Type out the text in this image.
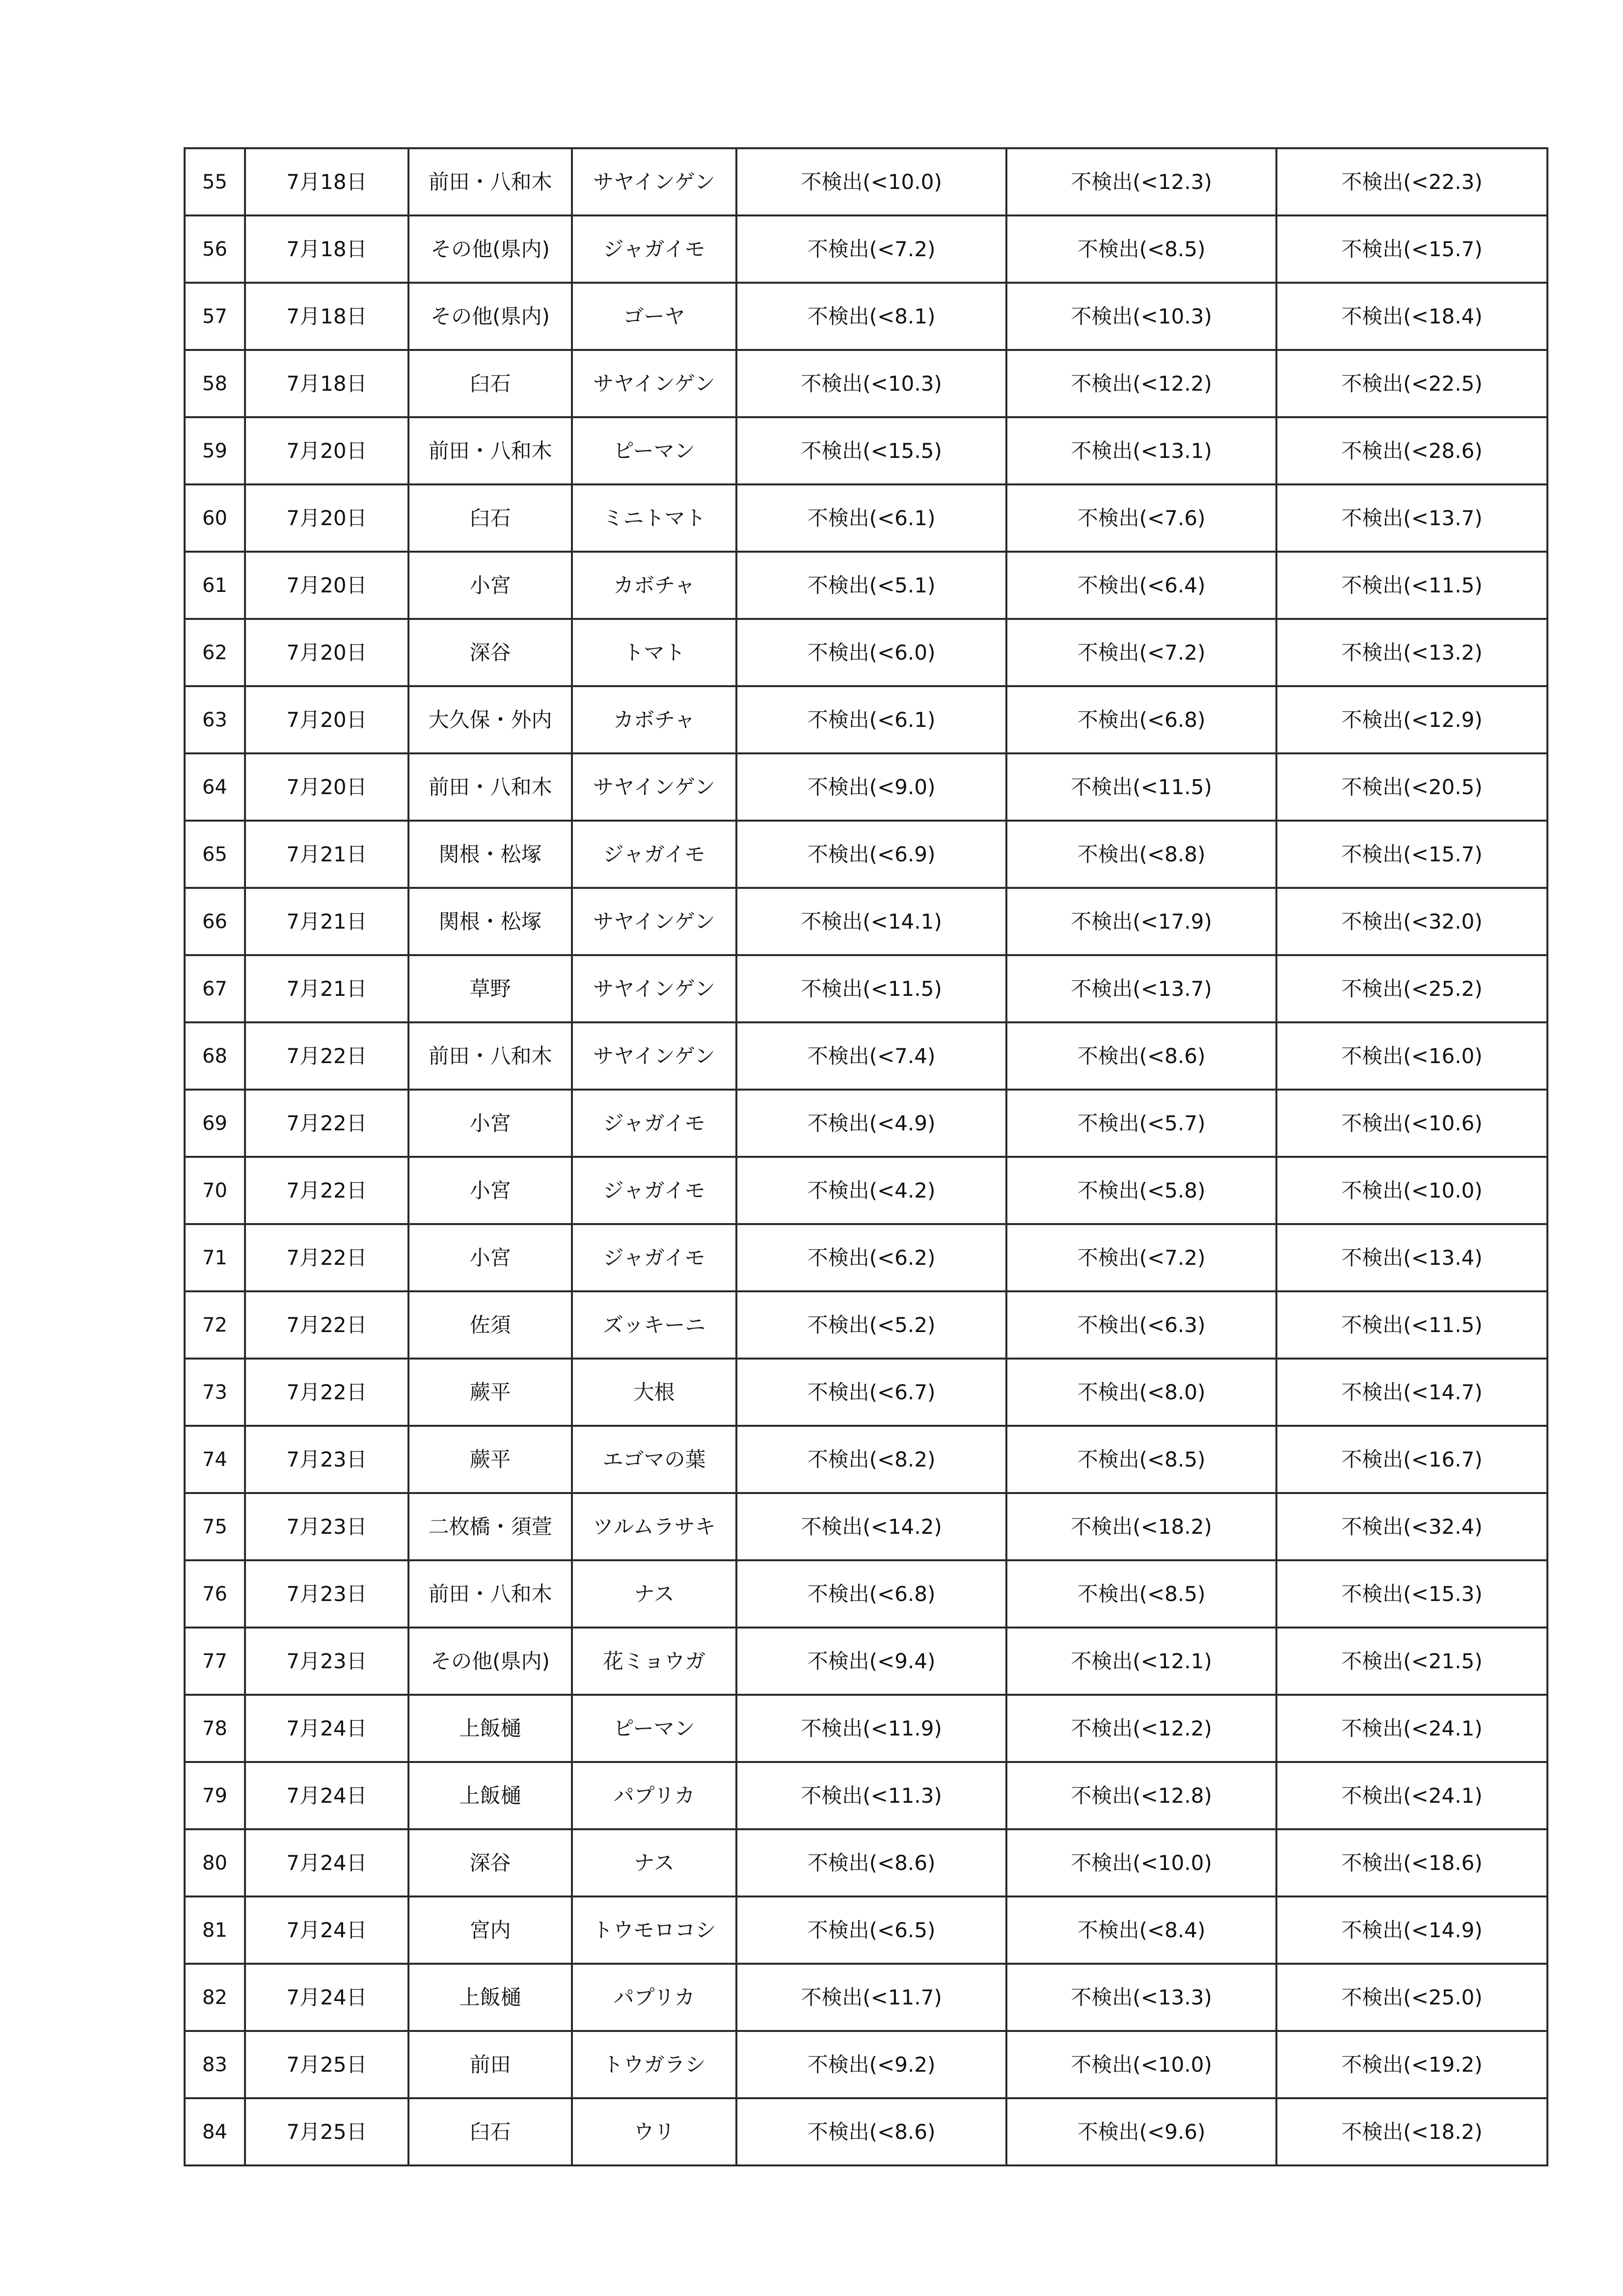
55	7月18日	前田・八和木	サヤインゲン	不検出(<10.0)	不検出(<12.3)	不検出(<22.3)
56	7月18日	その他(県内)	ジャガイモ	不検出(<7.2)	不検出(<8.5)	不検出(<15.7)
57	7月18日	その他(県内)	ゴーヤ	不検出(<8.1)	不検出(<10.3)	不検出(<18.4)
58	7月18日	臼石	サヤインゲン	不検出(<10.3)	不検出(<12.2)	不検出(<22.5)
59	7月20日	前田・八和木	ピーマン	不検出(<15.5)	不検出(<13.1)	不検出(<28.6)
60	7月20日	臼石	ミニトマト	不検出(<6.1)	不検出(<7.6)	不検出(<13.7)
61	7月20日	小宮	カボチャ	不検出(<5.1)	不検出(<6.4)	不検出(<11.5)
62	7月20日	深谷	トマト	不検出(<6.0)	不検出(<7.2)	不検出(<13.2)
63	7月20日	大久保・外内	カボチャ	不検出(<6.1)	不検出(<6.8)	不検出(<12.9)
64	7月20日	前田・八和木	サヤインゲン	不検出(<9.0)	不検出(<11.5)	不検出(<20.5)
65	7月21日	関根・松塚	ジャガイモ	不検出(<6.9)	不検出(<8.8)	不検出(<15.7)
66	7月21日	関根・松塚	サヤインゲン	不検出(<14.1)	不検出(<17.9)	不検出(<32.0)
67	7月21日	草野	サヤインゲン	不検出(<11.5)	不検出(<13.7)	不検出(<25.2)
68	7月22日	前田・八和木	サヤインゲン	不検出(<7.4)	不検出(<8.6)	不検出(<16.0)
69	7月22日	小宮	ジャガイモ	不検出(<4.9)	不検出(<5.7)	不検出(<10.6)
70	7月22日	小宮	ジャガイモ	不検出(<4.2)	不検出(<5.8)	不検出(<10.0)
71	7月22日	小宮	ジャガイモ	不検出(<6.2)	不検出(<7.2)	不検出(<13.4)
72	7月22日	佐須	ズッキーニ	不検出(<5.2)	不検出(<6.3)	不検出(<11.5)
73	7月22日	蕨平	大根	不検出(<6.7)	不検出(<8.0)	不検出(<14.7)
74	7月23日	蕨平	エゴマの葉	不検出(<8.2)	不検出(<8.5)	不検出(<16.7)
75	7月23日	二枚橋・須萱	ツルムラサキ	不検出(<14.2)	不検出(<18.2)	不検出(<32.4)
76	7月23日	前田・八和木	ナス	不検出(<6.8)	不検出(<8.5)	不検出(<15.3)
77	7月23日	その他(県内)	花ミョウガ	不検出(<9.4)	不検出(<12.1)	不検出(<21.5)
78	7月24日	上飯樋	ピーマン	不検出(<11.9)	不検出(<12.2)	不検出(<24.1)
79	7月24日	上飯樋	パプリカ	不検出(<11.3)	不検出(<12.8)	不検出(<24.1)
80	7月24日	深谷	ナス	不検出(<8.6)	不検出(<10.0)	不検出(<18.6)
81	7月24日	宮内	トウモロコシ	不検出(<6.5)	不検出(<8.4)	不検出(<14.9)
82	7月24日	上飯樋	パプリカ	不検出(<11.7)	不検出(<13.3)	不検出(<25.0)
83	7月25日	前田	トウガラシ	不検出(<9.2)	不検出(<10.0)	不検出(<19.2)
84	7月25日	臼石	ウリ	不検出(<8.6)	不検出(<9.6)	不検出(<18.2)
